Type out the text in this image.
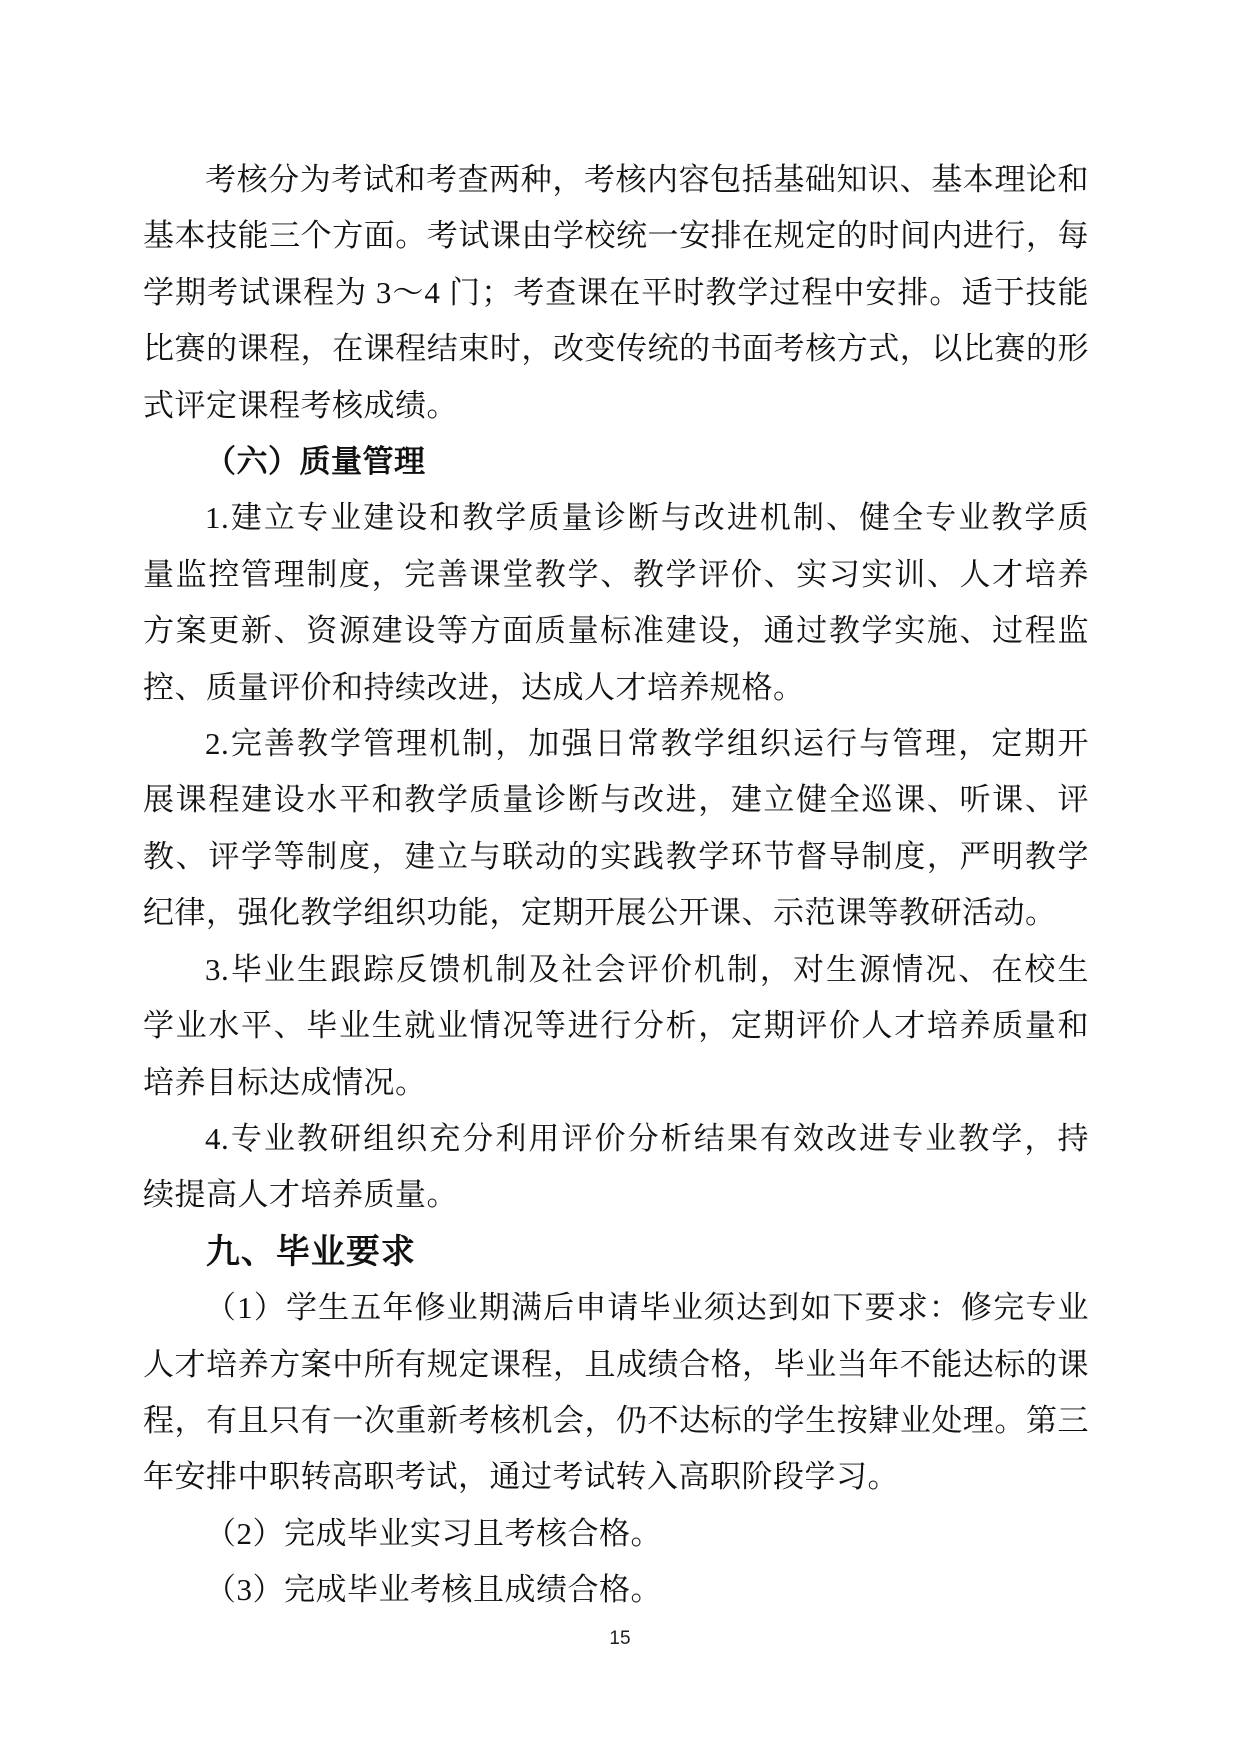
考核分为考试和考查两种，考核内容包括基础知识、基本理论和
基本技能三个方面。考试课由学校统一安排在规定的时间内进行，每
学期考试课程为 3～4 门；考查课在平时教学过程中安排。适于技能
比赛的课程，在课程结束时，改变传统的书面考核方式，以比赛的形
式评定课程考核成绩。
（六）质量管理
1.建立专业建设和教学质量诊断与改进机制、健全专业教学质
量监控管理制度，完善课堂教学、教学评价、实习实训、人才培养
方案更新、资源建设等方面质量标准建设，通过教学实施、过程监
控、质量评价和持续改进，达成人才培养规格。
2.完善教学管理机制，加强日常教学组织运行与管理，定期开
展课程建设水平和教学质量诊断与改进，建立健全巡课、听课、评
教、评学等制度，建立与联动的实践教学环节督导制度，严明教学
纪律，强化教学组织功能，定期开展公开课、示范课等教研活动。
3.毕业生跟踪反馈机制及社会评价机制，对生源情况、在校生
学业水平、毕业生就业情况等进行分析，定期评价人才培养质量和
培养目标达成情况。
4.专业教研组织充分利用评价分析结果有效改进专业教学，持
续提高人才培养质量。
九、毕业要求
（1）学生五年修业期满后申请毕业须达到如下要求：修完专业
人才培养方案中所有规定课程，且成绩合格，毕业当年不能达标的课
程，有且只有一次重新考核机会，仍不达标的学生按肄业处理。第三
年安排中职转高职考试，通过考试转入高职阶段学习。
（2）完成毕业实习且考核合格。
（3）完成毕业考核且成绩合格。
15
